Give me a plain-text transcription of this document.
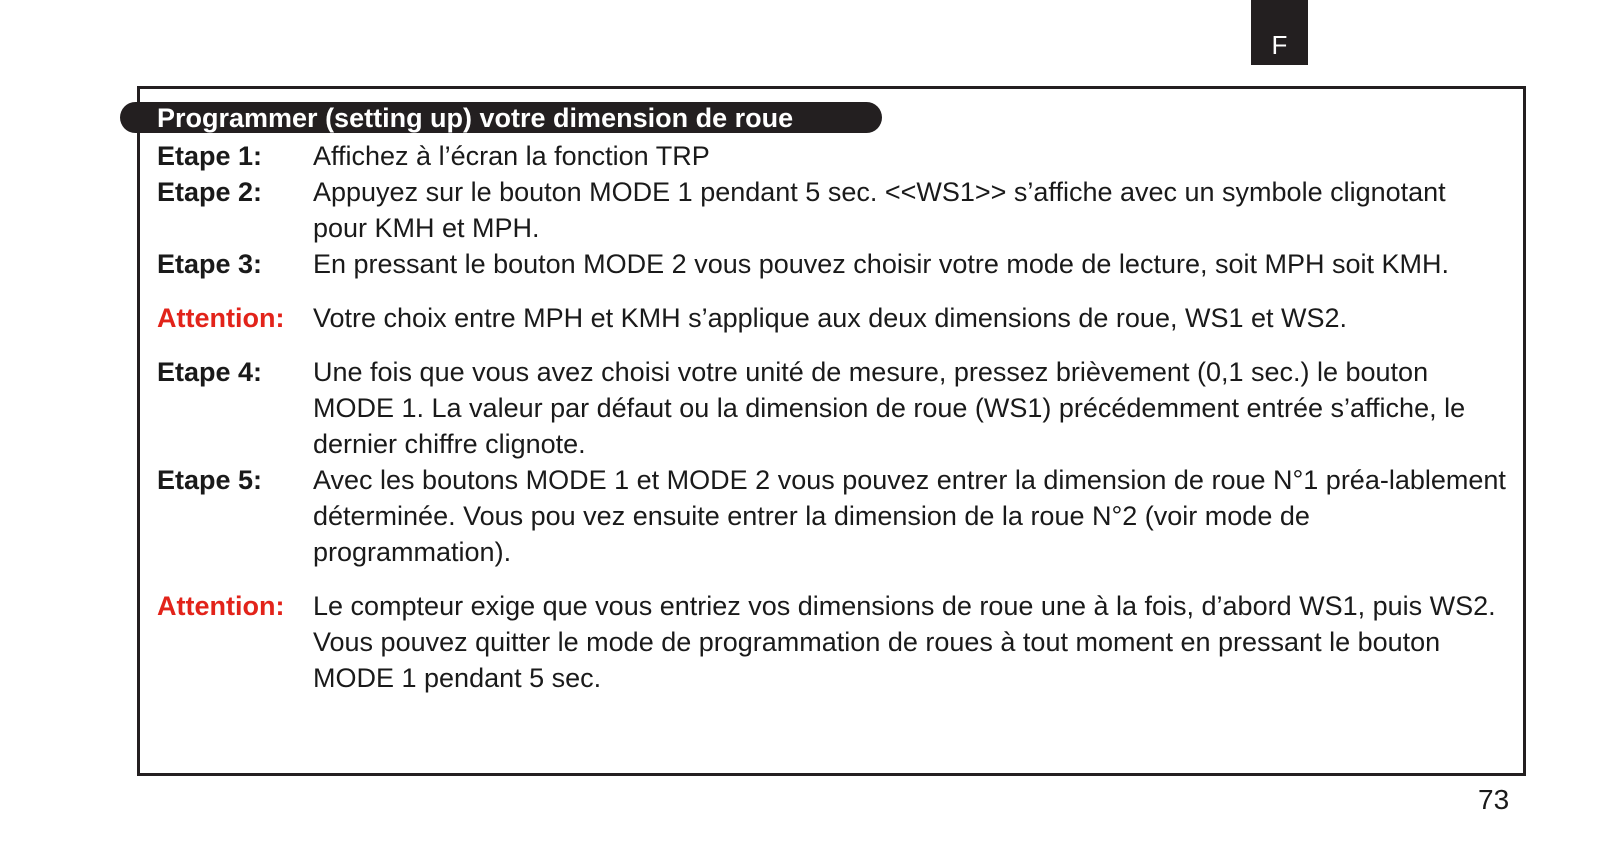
F
Programmer (setting up) votre dimension de roue
Etape 1:	Affichez à l’écran la fonction TRP
Etape 2:	Appuyez sur le bouton MODE 1 pendant 5 sec. <<WS1>> s’affiche avec un symbole clignotant pour KMH et MPH.
Etape 3:	En pressant le bouton MODE 2 vous pouvez choisir votre mode de lecture, soit MPH soit KMH.
Attention:	Votre choix entre MPH et KMH s’applique aux deux dimensions de roue, WS1 et WS2.
Etape 4:	Une fois que vous avez choisi votre unité de mesure, pressez brièvement (0,1 sec.) le bouton MODE 1. La valeur par défaut ou la dimension de roue (WS1) précédemment entrée s’affiche, le dernier chiffre clignote.
Etape 5:	Avec les boutons MODE 1 et MODE 2 vous pouvez entrer la dimension de roue N°1 préa-lablement déterminée. Vous pou vez ensuite entrer la dimension de la roue N°2 (voir mode de programmation).
Attention:	Le compteur exige que vous entriez vos dimensions de roue une à la fois, d’abord WS1, puis WS2. Vous pouvez quitter le mode de programmation de roues à tout moment en pressant le bouton MODE 1 pendant 5 sec.
73
